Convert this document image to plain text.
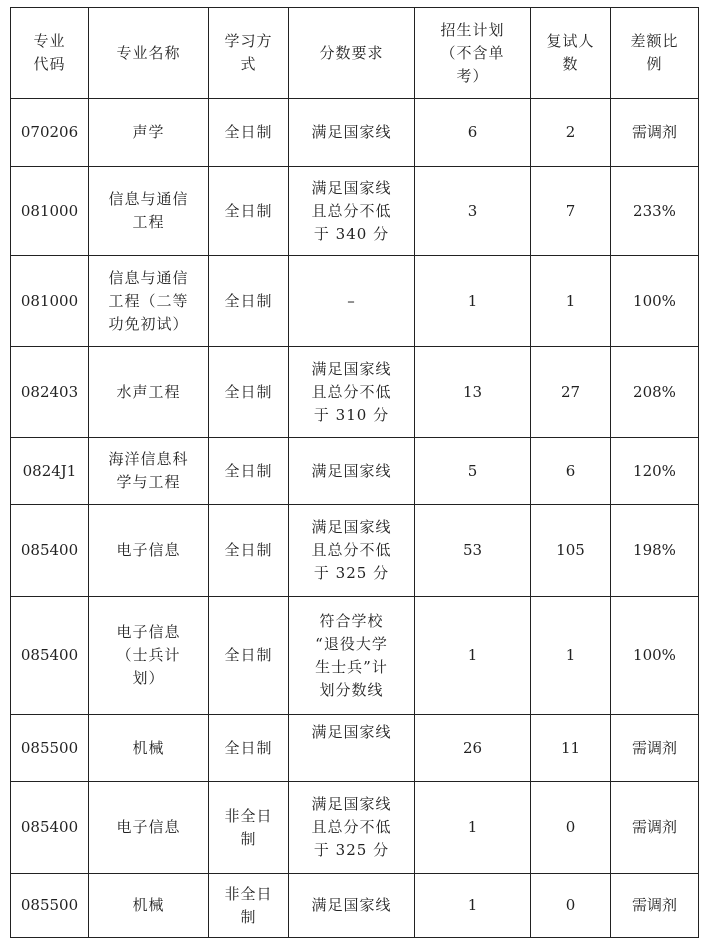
专业
代码	专业名称	学习方
式	分数要求	招生计划
（不含单
考）	复试人
数	差额比
例
070206	声学	全日制	满足国家线	6	2	需调剂
081000	信息与通信
工程	全日制	满足国家线
且总分不低
于 340 分	3	7	233%
081000	信息与通信
工程（二等
功免初试）	全日制	–	1	1	100%
082403	水声工程	全日制	满足国家线
且总分不低
于 310 分	13	27	208%
0824J1	海洋信息科
学与工程	全日制	满足国家线	5	6	120%
085400	电子信息	全日制	满足国家线
且总分不低
于 325 分	53	105	198%
085400	电子信息
（士兵计
划）	全日制	符合学校
“退役大学
生士兵”计
划分数线	1	1	100%
085500	机械	全日制	满足国家线	26	11	需调剂
085400	电子信息	非全日
制	满足国家线
且总分不低
于 325 分	1	0	需调剂
085500	机械	非全日
制	满足国家线	1	0	需调剂
